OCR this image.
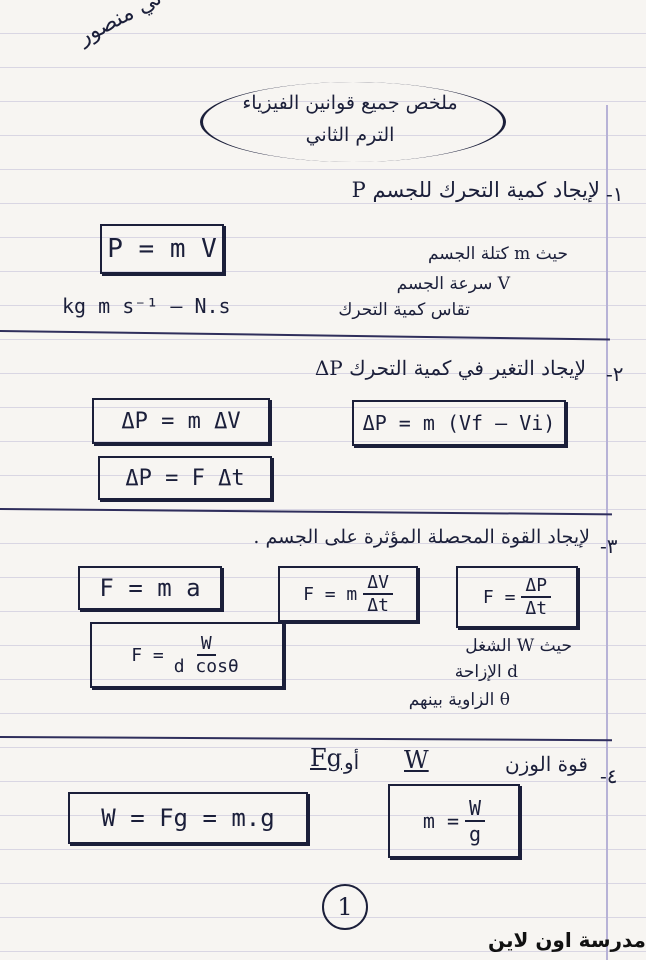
ملخص جميع قوانين الفيزياء
الترم الثاني
-١
لإيجاد كمية التحرك للجسم P
P = m V	حيث m كتلة الجسم
V سرعة الجسم
تقاس كمية التحرك
kg m s⁻¹ – N.s
-٢
لإيجاد التغير في كمية التحرك ΔP
ΔP = m ΔV	ΔP = m (Vf – Vi)
ΔP = F Δt
-٣
لإيجاد القوة المحصلة المؤثرة على الجسم .
F = m a	F = m $\frac{\Delta V}{\Delta t}$	$F = \frac{\Delta P}{\Delta t}$
$F = \frac{W}{\text{d cosθ}}$	حيث W الشغل
d الإزاحة
θ الزاوية بينهم
-٤
قوة الوزن
Fg أو W
W = Fg = m.g	$m = \frac{W}{g}$
1
مدرسة اون لاين
